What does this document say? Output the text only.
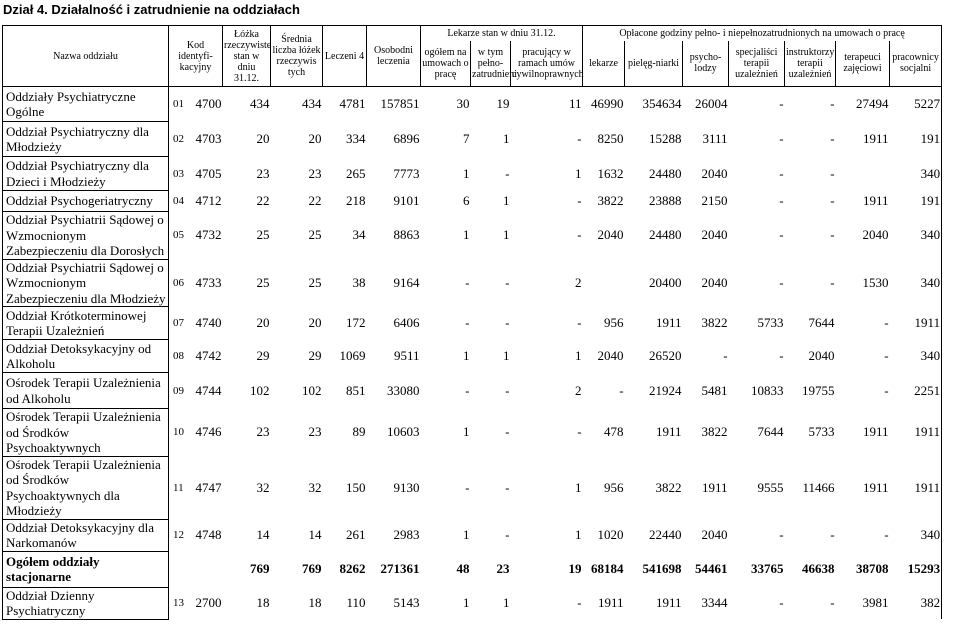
Dział 4. Działalność i zatrudnienie na oddziałach
Nazwa oddziału	Kod identyfi-kacyjny		Łóżka rzeczywiste stan w dniu 31.12.	Średnia liczba łóżek rzeczywis tych	Leczeni 4	Osobodni leczenia	Lekarze stan w dniu 31.12.			Opłacone godziny pełno- i niepełnozatrudnionych na umowach o pracę						
							ogółem na umowach o pracę	w tym pełno-zatrudnieni	pracujący w ramach umów cywilnoprawnych	lekarze	pielęg-niarki	psycho-lodzy	specjaliści terapii uzależnień	instruktorzy terapii uzależnień	terapeuci zajęciowi	pracownicy socjalni
Oddziały Psychiatryczne Ogólne	01	4700	434	434	4781	157851	30	19	11	46990	354634	26004	-	-	27494	5227
Oddział Psychiatryczny dla Młodzieży	02	4703	20	20	334	6896	7	1	-	8250	15288	3111	-	-	1911	191
Oddział Psychiatryczny dla Dzieci i Młodzieży	03	4705	23	23	265	7773	1	-	1	1632	24480	2040	-	-		340
Oddział Psychogeriatryczny	04	4712	22	22	218	9101	6	1	-	3822	23888	2150	-	-	1911	191
Oddział Psychiatrii Sądowej o Wzmocnionym Zabezpieczeniu dla Dorosłych	05	4732	25	25	34	8863	1	1	-	2040	24480	2040	-	-	2040	340
Oddział Psychiatrii Sądowej o Wzmocnionym Zabezpieczeniu dla Młodzieży	06	4733	25	25	38	9164	-	-	2		20400	2040	-	-	1530	340
Oddział Krótkoterminowej Terapii Uzależnień	07	4740	20	20	172	6406	-	-	-	956	1911	3822	5733	7644	-	1911
Oddział Detoksykacyjny od Alkoholu	08	4742	29	29	1069	9511	1	1	1	2040	26520	-	-	2040	-	340
Ośrodek Terapii Uzależnienia od Alkoholu	09	4744	102	102	851	33080	-	-	2	-	21924	5481	10833	19755	-	2251
Ośrodek Terapii Uzależnienia od Środków Psychoaktywnych	10	4746	23	23	89	10603	1	-	-	478	1911	3822	7644	5733	1911	1911
Ośrodek Terapii Uzależnienia od Środków Psychoaktywnych dla Młodzieży	11	4747	32	32	150	9130	-	-	1	956	3822	1911	9555	11466	1911	1911
Oddział Detoksykacyjny dla Narkomanów	12	4748	14	14	261	2983	1	-	1	1020	22440	2040	-	-	-	340
Ogółem oddziały stacjonarne			769	769	8262	271361	48	23	19	68184	541698	54461	33765	46638	38708	15293
Oddział Dzienny Psychiatryczny	13	2700	18	18	110	5143	1	1	-	1911	1911	3344	-	-	3981	382
